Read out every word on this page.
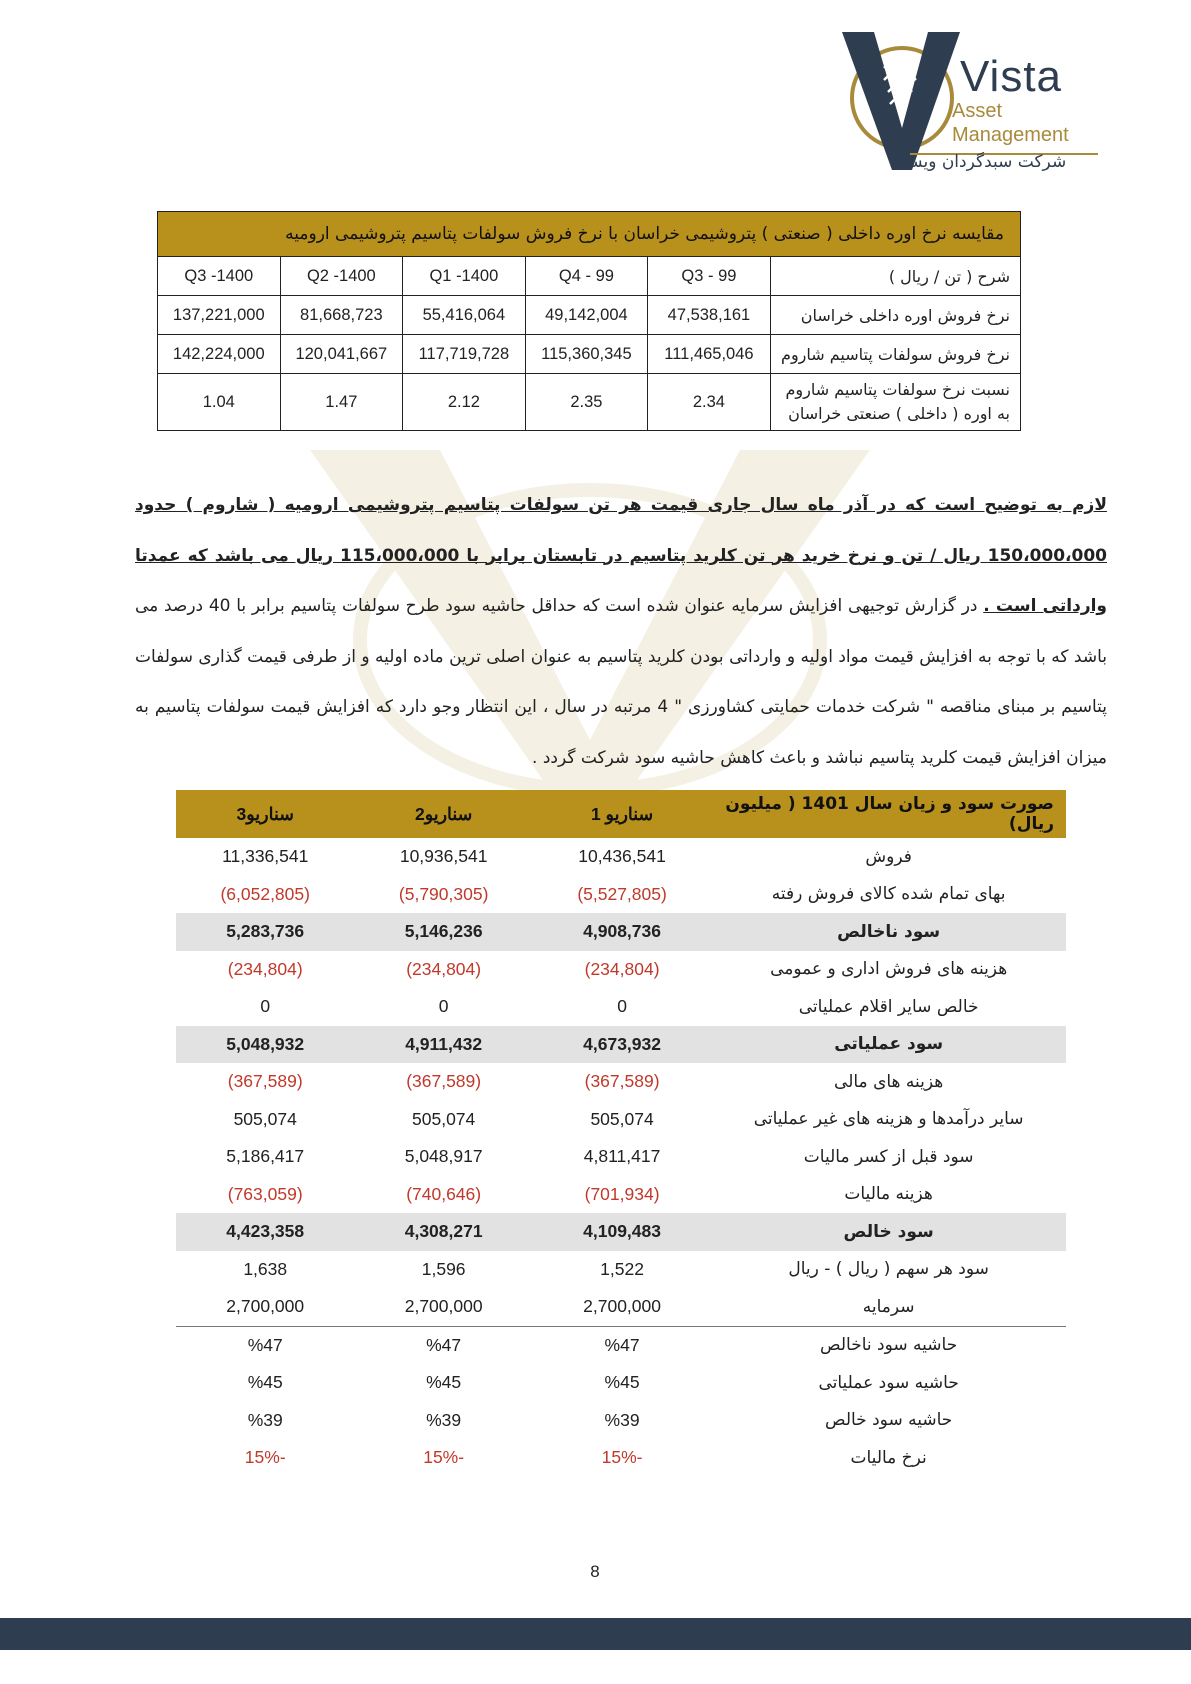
Vista
Asset
Management
شرکت سبدگردان ویستا
مقایسه نرخ اوره داخلی ( صنعتی ) پتروشیمی خراسان با نرخ فروش سولفات پتاسیم پتروشیمی ارومیه					
شرح ( تن / ریال )	Q3 - 99	Q4 - 99	Q1 -1400	Q2 -1400	Q3 -1400
نرخ فروش اوره داخلی خراسان	47,538,161	49,142,004	55,416,064	81,668,723	137,221,000
نرخ فروش سولفات پتاسیم شاروم	111,465,046	115,360,345	117,719,728	120,041,667	142,224,000
نسبت نرخ سولفات پتاسیم شاروم
به اوره ( داخلی ) صنعتی خراسان	2.34	2.35	2.12	1.47	1.04
لازم به توضیح است که در آذر ماه سال جاری قیمت هر تن سولفات پتاسیم پتروشیمی ارومیه ( شاروم ) حدود 150،000،000 ریال / تن و نرخ خرید هر تن کلرید پتاسیم در تابستان برابر با 115،000،000 ریال می باشد که عمدتا وارداتی است . در گزارش توجیهی افزایش سرمایه عنوان شده است که حداقل حاشیه سود طرح سولفات پتاسیم برابر با 40 درصد می باشد که با توجه به افزایش قیمت مواد اولیه و وارداتی بودن کلرید پتاسیم به عنوان اصلی ترین ماده اولیه و از طرفی قیمت گذاری سولفات پتاسیم بر مبنای مناقصه " شرکت خدمات حمایتی کشاورزی " 4 مرتبه در سال ، این انتظار وجو دارد که افزایش قیمت سولفات پتاسیم به میزان افزایش قیمت کلرید پتاسیم نباشد و باعث کاهش حاشیه سود شرکت گردد .
صورت سود و زیان سال 1401 ( میلیون ریال)	سناریو 1	سناریو2	سناریو3
فروش	10,436,541	10,936,541	11,336,541
بهای تمام شده کالای فروش رفته	(5,527,805)	(5,790,305)	(6,052,805)
سود ناخالص	4,908,736	5,146,236	5,283,736
هزینه های فروش اداری و عمومی	(234,804)	(234,804)	(234,804)
خالص سایر اقلام عملیاتی	0	0	0
سود عملیاتی	4,673,932	4,911,432	5,048,932
هزینه های مالی	(367,589)	(367,589)	(367,589)
سایر درآمدها و هزینه های غیر عملیاتی	505,074	505,074	505,074
سود قبل از کسر مالیات	4,811,417	5,048,917	5,186,417
هزینه مالیات	(701,934)	(740,646)	(763,059)
سود خالص	4,109,483	4,308,271	4,423,358
سود هر سهم ( ریال ) - ریال	1,522	1,596	1,638
سرمایه	2,700,000	2,700,000	2,700,000
حاشیه سود ناخالص	%47	%47	%47
حاشیه سود عملیاتی	%45	%45	%45
حاشیه سود خالص	%39	%39	%39
نرخ مالیات	-15%	-15%	-15%
8
